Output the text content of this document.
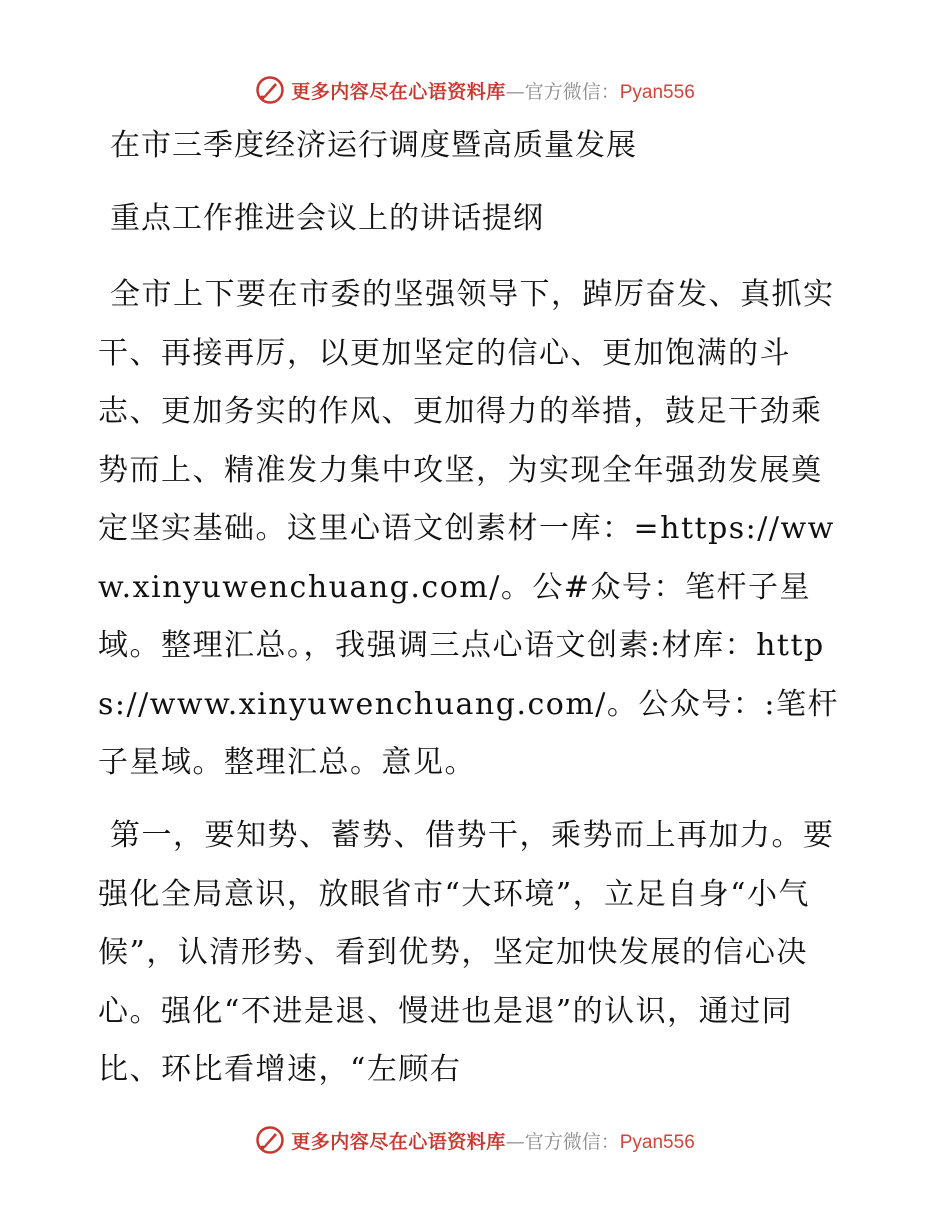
更多内容尽在心语资料库—官方微信：Pyan556
在市三季度经济运行调度暨高质量发展
重点工作推进会议上的讲话提纲
全市上下要在市委的坚强领导下，踔厉奋发、真抓实干、再接再厉，以更加坚定的信心、更加饱满的斗志、更加务实的作风、更加得力的举措，鼓足干劲乘势而上、精准发力集中攻坚，为实现全年强劲发展奠定坚实基础。这里心语文创素材一库：=https://www.xinyuwenchuang.com/。公#众号：笔杆子星域。整理汇总。，我强调三点心语文创素:材库：https://www.xinyuwenchuang.com/。公众号：:笔杆子星域。整理汇总。意见。
第一，要知势、蓄势、借势干，乘势而上再加力。要强化全局意识，放眼省市“大环境”，立足自身“小气候”，认清形势、看到优势，坚定加快发展的信心决心。强化“不进是退、慢进也是退”的认识，通过同比、环比看增速，“左顾右
更多内容尽在心语资料库—官方微信：Pyan556
